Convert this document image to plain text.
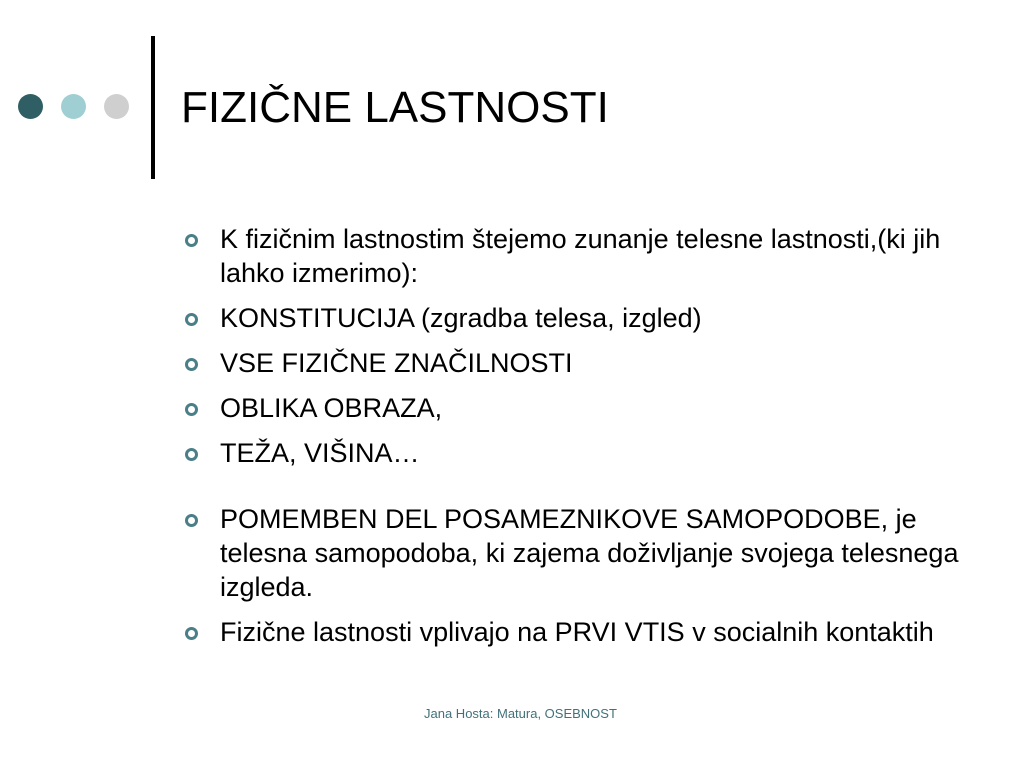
FIZIČNE LASTNOSTI
K fizičnim lastnostim štejemo zunanje telesne lastnosti,(ki jih lahko izmerimo):
KONSTITUCIJA (zgradba telesa, izgled)
VSE FIZIČNE ZNAČILNOSTI
OBLIKA OBRAZA,
TEŽA, VIŠINA…
POMEMBEN DEL POSAMEZNIKOVE SAMOPODOBE, je telesna samopodoba, ki zajema doživljanje svojega telesnega izgleda.
Fizične lastnosti vplivajo na PRVI VTIS v socialnih kontaktih
Jana Hosta: Matura, OSEBNOST
